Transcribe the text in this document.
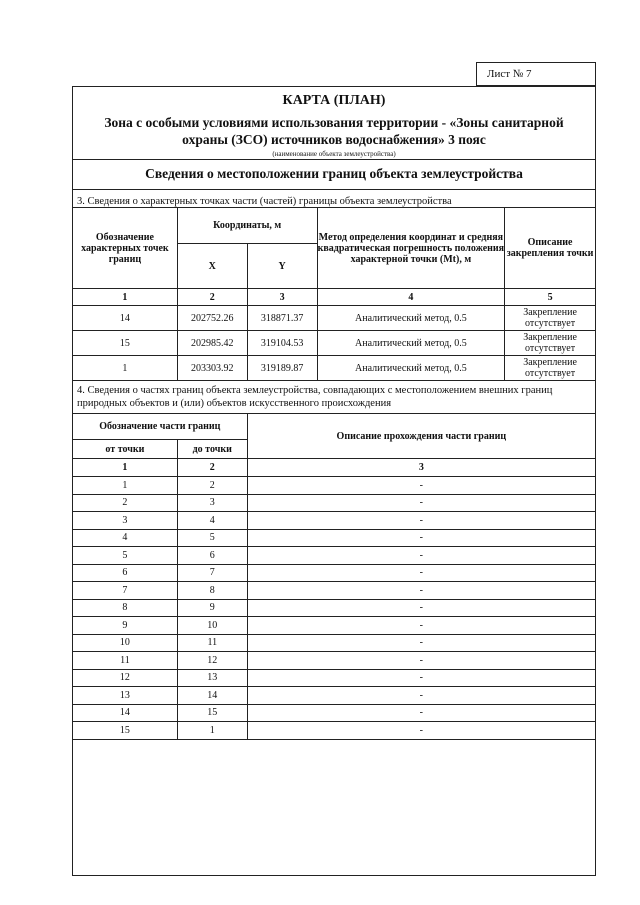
Лист № 7
КАРТА (ПЛАН)
Зона с особыми условиями использования территории - «Зоны санитарной
охраны (ЗСО) источников водоснабжения» 3 пояс
(наименование объекта землеустройства)
Сведения о местоположении границ объекта землеустройства
3. Сведения о характерных точках части (частей) границы объекта землеустройства
Обозначение характерных точек границ	Координаты, м		Метод определения координат и средняя квадратическая погрешность положения характерной точки (Mt), м	Описание закрепления точки
	X	Y		
1	2	3	4	5
14	202752.26	318871.37	Аналитический метод, 0.5	Закрепление отсутствует
15	202985.42	319104.53	Аналитический метод, 0.5	Закрепление отсутствует
1	203303.92	319189.87	Аналитический метод, 0.5	Закрепление отсутствует
4. Сведения о частях границ объекта землеустройства, совпадающих с местоположением внешних границ природных объектов и (или) объектов искусственного происхождения
Обозначение части границ		Описание прохождения части границ
от точки	до точки	
1	2	3
1	2	-
2	3	-
3	4	-
4	5	-
5	6	-
6	7	-
7	8	-
8	9	-
9	10	-
10	11	-
11	12	-
12	13	-
13	14	-
14	15	-
15	1	-
